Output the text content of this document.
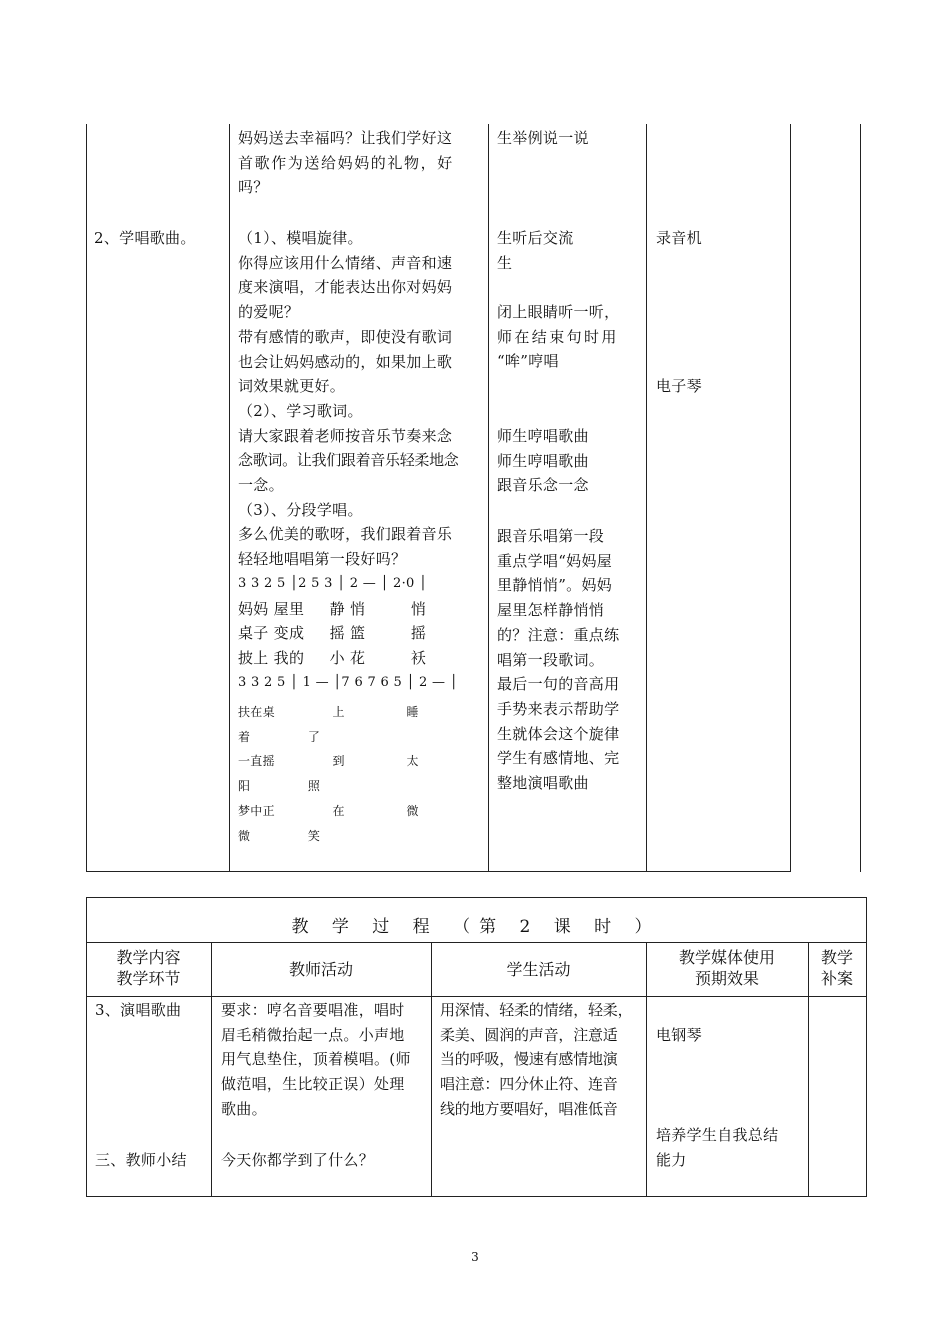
2、学唱歌曲。
妈妈送去幸福吗？让我们学好这
首歌作为送给妈妈的礼物，好
吗？
（1）、模唱旋律。
你得应该用什么情绪、声音和速
度来演唱，才能表达出你对妈妈
的爱呢？
带有感情的歌声，即使没有歌词
也会让妈妈感动的，如果加上歌
词效果就更好。
（2）、学习歌词。
请大家跟着老师按音乐节奏来念
念歌词。让我们跟着音乐轻柔地念
一念。
（3）、分段学唱。
多么优美的歌呀，我们跟着音乐
轻轻地唱唱第一段好吗？
3 3 2 5 │2 5 3 │ 2 — │ 2·0 │
妈妈 屋里     静 悄         悄
桌子 变成     摇 篮         摇
披上 我的     小 花         袄
3 3 2 5 │ 1 — │7 6 7 6 5 │ 2 — │
扶在桌              上               睡
着              了
一直摇              到               太
阳              照
梦中正              在               微
微              笑
生举例说一说
生听后交流
生
闭上眼睛听一听，
师在结束句时用
“哞”哼唱
师生哼唱歌曲
师生哼唱歌曲
跟音乐念一念
跟音乐唱第一段
重点学唱“妈妈屋
里静悄悄”。妈妈
屋里怎样静悄悄
的？注意：重点练
唱第一段歌词。
最后一句的音高用
手势来表示帮助学
生就体会这个旋律
学生有感情地、完
整地演唱歌曲
录音机
电子琴
教 学 过 程 （第 2 课 时 ）
教学内容
教学环节	教师活动	学生活动
教学媒体使用
预期效果
教学
补案
3、演唱歌曲
三、教师小结
要求：哼名音要唱准，唱时
眉毛稍微抬起一点。小声地
用气息垫住，顶着模唱。(师
做范唱，生比较正误）处理
歌曲。
今天你都学到了什么？
用深情、轻柔的情绪，轻柔，
柔美、圆润的声音，注意适
当的呼吸，慢速有感情地演
唱注意：四分休止符、连音
线的地方要唱好，唱准低音
电钢琴
培养学生自我总结
能力
3
